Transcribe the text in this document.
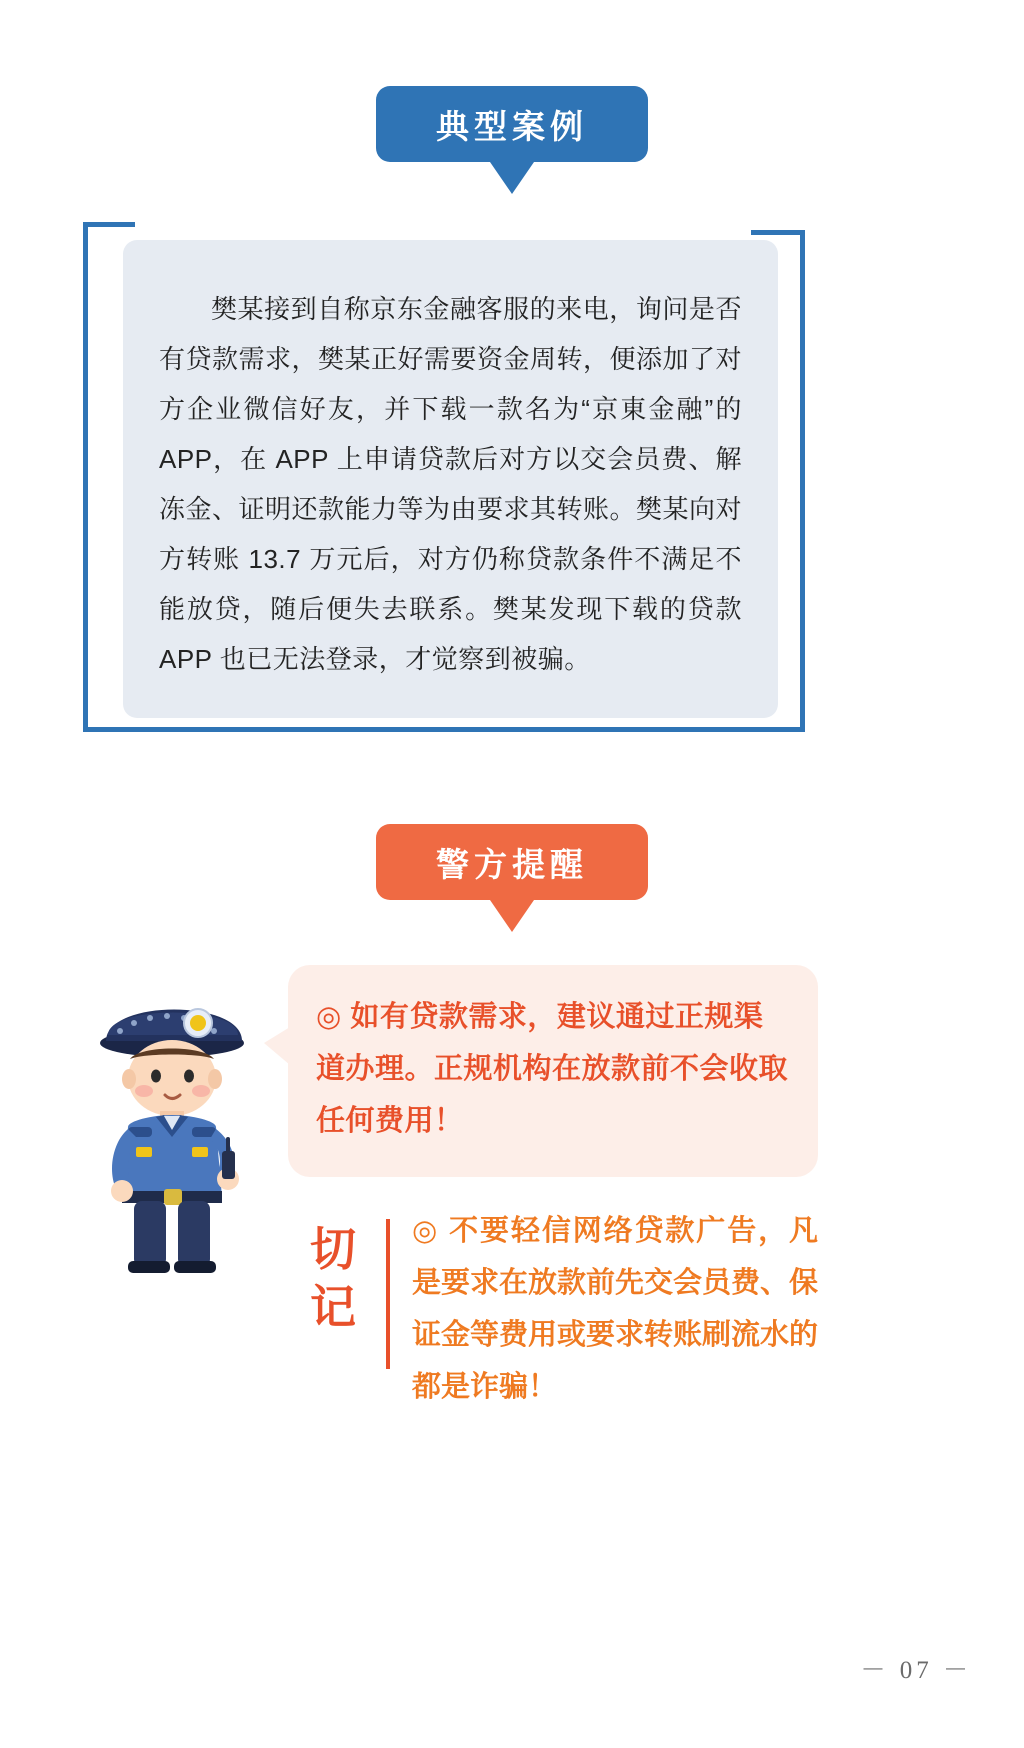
典型案例
樊某接到自称京东金融客服的来电，询问是否有贷款需求，樊某正好需要资金周转，便添加了对方企业微信好友，并下载一款名为“京東金融”的 APP，在 APP 上申请贷款后对方以交会员费、解冻金、证明还款能力等为由要求其转账。樊某向对方转账 13.7 万元后，对方仍称贷款条件不满足不能放贷，随后便失去联系。樊某发现下载的贷款 APP 也已无法登录，才觉察到被骗。
警方提醒
◎ 如有贷款需求，建议通过正规渠道办理。正规机构在放款前不会收取任何费用！
切记
◎ 不要轻信网络贷款广告，凡是要求在放款前先交会员费、保证金等费用或要求转账刷流水的都是诈骗！
－ 07 －
